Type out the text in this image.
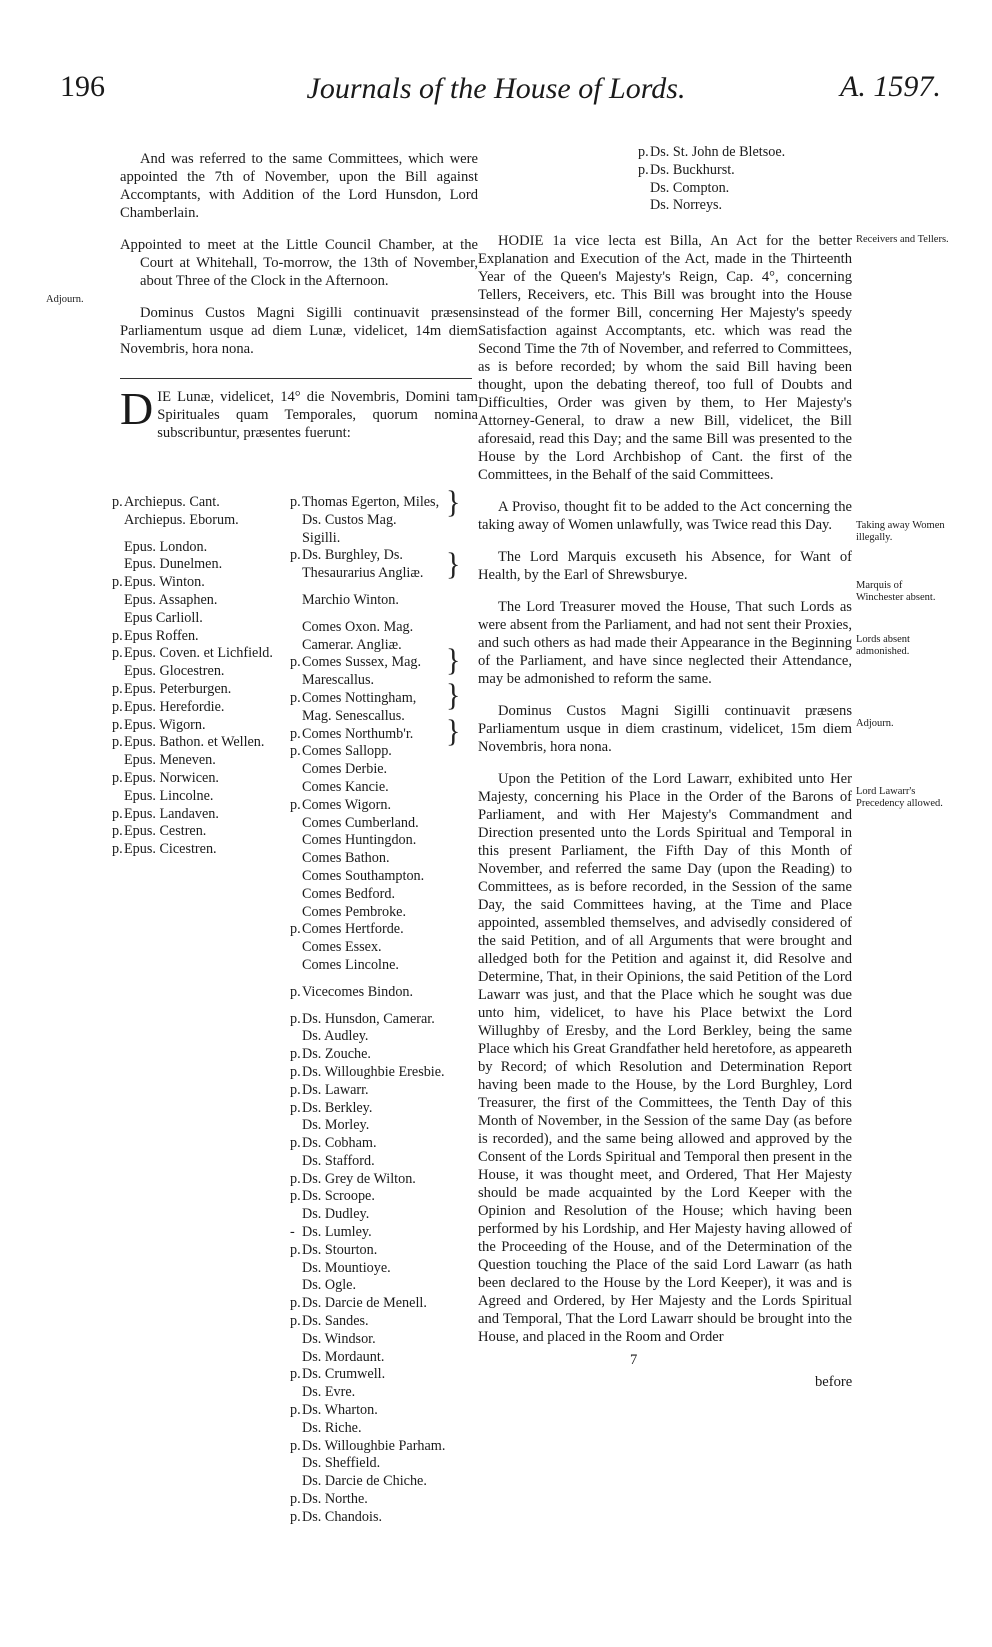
196	Journals of the House of Lords.	A. 1597.

And was referred to the same Committees, which were appointed the 7th of November, upon the Bill against Accomptants, with Addition of the Lord Hunsdon, Lord Chamberlain.

Appointed to meet at the Little Council Chamber, at the Court at Whitehall, To-morrow, the 13th of November, about Three of the Clock in the Afternoon.

Dominus Custos Magni Sigilli continuavit præsens Parliamentum usque ad diem Lunæ, videlicet, 14m diem Novembris, hora nona.

Adjourn.
D IE Lunæ, videlicet, 14° die Novembris, Domini tam Spirituales quam Temporales, quorum nomina subscribuntur, præsentes fuerunt:
p. Archiepus. Cant.
Archiepus. Eborum.
Epus. London.
Epus. Dunelmen.
p. Epus. Winton.
Epus. Assaphen.
Epus Carlioll.
p. Epus Roffen.
p. Epus. Coven. et Lichfield.
Epus. Glocestren.
p. Epus. Peterburgen.
p. Epus. Herefordie.
p. Epus. Wigorn.
p. Epus. Bathon. et Wellen.
Epus. Meneven.
p. Epus. Norwicen.
Epus. Lincolne.
p. Epus. Landaven.
p. Epus. Cestren.
p. Epus. Cicestren.
p. Thomas Egerton, Miles,
Ds. Custos Mag.
Sigilli.
p. Ds. Burghley, Ds.
Thesaurarius Angliæ.
Marchio Winton.
Comes Oxon. Mag.
Camerar. Angliæ.
p. Comes Sussex, Mag.
Marescallus.
p. Comes Nottingham,
Mag. Senescallus.
p. Comes Northumb'r.
p. Comes Sallopp.
Comes Derbie.
Comes Kancie.
p. Comes Wigorn.
Comes Cumberland.
Comes Huntingdon.
Comes Bathon.
Comes Southampton.
Comes Bedford.
Comes Pembroke.
p. Comes Hertforde.
Comes Essex.
Comes Lincolne.
p. Vicecomes Bindon.
p. Ds. Hunsdon, Camerar.
Ds. Audley.
p. Ds. Zouche.
p. Ds. Willoughbie Eresbie.
p. Ds. Lawarr.
p. Ds. Berkley.
Ds. Morley.
p. Ds. Cobham.
Ds. Stafford.
p. Ds. Grey de Wilton.
p. Ds. Scroope.
Ds. Dudley.
- Ds. Lumley.
p. Ds. Stourton.
Ds. Mountioye.
Ds. Ogle.
p. Ds. Darcie de Menell.
p. Ds. Sandes.
Ds. Windsor.
Ds. Mordaunt.
p. Ds. Crumwell.
Ds. Evre.
p. Ds. Wharton.
Ds. Riche.
p. Ds. Willoughbie Parham.
Ds. Sheffield.
Ds. Darcie de Chiche.
p. Ds. Northe.
p. Ds. Chandois.
}
}
}
}
}
p. Ds. St. John de Bletsoe.
p. Ds. Buckhurst.
Ds. Compton.
Ds. Norreys.

HODIE 1a vice lecta est Billa, An Act for the better Explanation and Execution of the Act, made in the Thirteenth Year of the Queen's Majesty's Reign, Cap. 4°, concerning Tellers, Receivers, etc. This Bill was brought into the House instead of the former Bill, concerning Her Majesty's speedy Satisfaction against Accomptants, etc. which was read the Second Time the 7th of November, and referred to Committees, as is before recorded; by whom the said Bill having been thought, upon the debating thereof, too full of Doubts and Difficulties, Order was given by them, to Her Majesty's Attorney-General, to draw a new Bill, videlicet, the Bill aforesaid, read this Day; and the same Bill was presented to the House by the Lord Archbishop of Cant. the first of the Committees, in the Behalf of the said Committees.

A Proviso, thought fit to be added to the Act concerning the taking away of Women unlawfully, was Twice read this Day.

The Lord Marquis excuseth his Absence, for Want of Health, by the Earl of Shrewsburye.

The Lord Treasurer moved the House, That such Lords as were absent from the Parliament, and had not sent their Proxies, and such others as had made their Appearance in the Beginning of the Parliament, and have since neglected their Attendance, may be admonished to reform the same.

Dominus Custos Magni Sigilli continuavit præsens Parliamentum usque in diem crastinum, videlicet, 15m diem Novembris, hora nona.

Upon the Petition of the Lord Lawarr, exhibited unto Her Majesty, concerning his Place in the Order of the Barons of Parliament, and with Her Majesty's Commandment and Direction presented unto the Lords Spiritual and Temporal in this present Parliament, the Fifth Day of this Month of November, and referred the same Day (upon the Reading) to Committees, as is before recorded, in the Session of the same Day, the said Committees having, at the Time and Place appointed, assembled themselves, and advisedly considered of the said Petition, and of all Arguments that were brought and alledged both for the Petition and against it, did Resolve and Determine, That, in their Opinions, the said Petition of the Lord Lawarr was just, and that the Place which he sought was due unto him, videlicet, to have his Place betwixt the Lord Willughby of Eresby, and the Lord Berkley, being the same Place which his Great Grandfather held heretofore, as appeareth by Record; of which Resolution and Determination Report having been made to the House, by the Lord Burghley, Lord Treasurer, the first of the Committees, the Tenth Day of this Month of November, in the Session of the same Day (as before is recorded), and the same being allowed and approved by the Consent of the Lords Spiritual and Temporal then present in the House, it was thought meet, and Ordered, That Her Majesty should be made acquainted by the Lord Keeper with the Opinion and Resolution of the House; which having been performed by his Lordship, and Her Majesty having allowed of the Proceeding of the House, and of the Determination of the Question touching the Place of the said Lord Lawarr (as hath been declared to the House by the Lord Keeper), it was and is Agreed and Ordered, by Her Majesty and the Lords Spiritual and Temporal, That the Lord Lawarr should be brought into the House, and placed in the Room and Order

Receivers and Tellers.
Taking away Women illegally.
Marquis of Winchester absent.
Lords absent admonished.
Adjourn.
Lord Lawarr's Precedency allowed.
7
before
